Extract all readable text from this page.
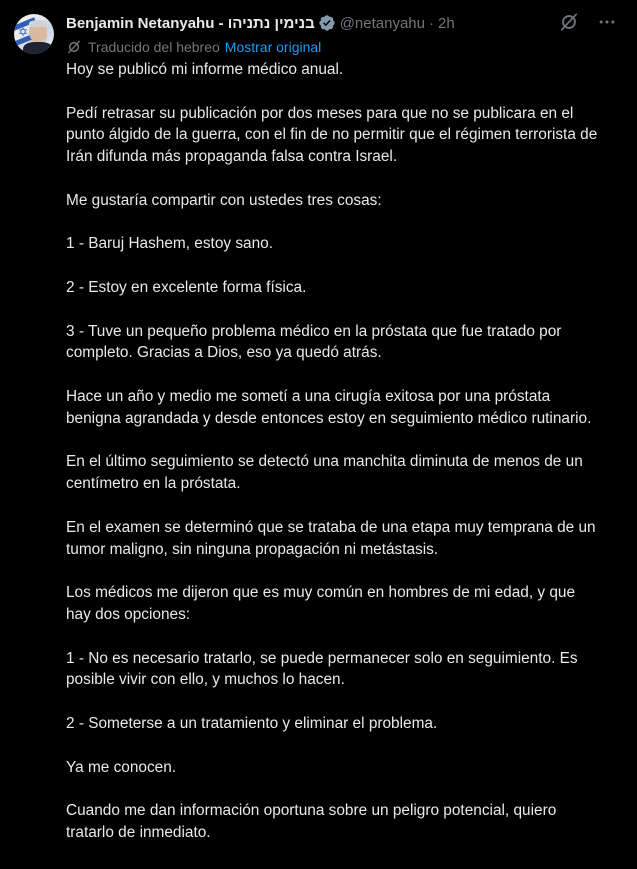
✡
Benjamin Netanyahu - בנימין נתניהו @netanyahu · 2h
Traducido del hebreo Mostrar original

Hoy se publicó mi informe médico anual.

Pedí retrasar su publicación por dos meses para que no se publicara en el punto álgido de la guerra, con el fin de no permitir que el régimen terrorista de Irán difunda más propaganda falsa contra Israel.

Me gustaría compartir con ustedes tres cosas:

1 - Baruj Hashem, estoy sano.

2 - Estoy en excelente forma física.

3 - Tuve un pequeño problema médico en la próstata que fue tratado por completo. Gracias a Dios, eso ya quedó atrás.

Hace un año y medio me sometí a una cirugía exitosa por una próstata benigna agrandada y desde entonces estoy en seguimiento médico rutinario.

En el último seguimiento se detectó una manchita diminuta de menos de un centímetro en la próstata.

En el examen se determinó que se trataba de una etapa muy temprana de un tumor maligno, sin ninguna propagación ni metástasis.

Los médicos me dijeron que es muy común en hombres de mi edad, y que hay dos opciones:

1 - No es necesario tratarlo, se puede permanecer solo en seguimiento. Es posible vivir con ello, y muchos lo hacen.

2 - Someterse a un tratamiento y eliminar el problema.

Ya me conocen.

Cuando me dan información oportuna sobre un peligro potencial, quiero tratarlo de inmediato.
